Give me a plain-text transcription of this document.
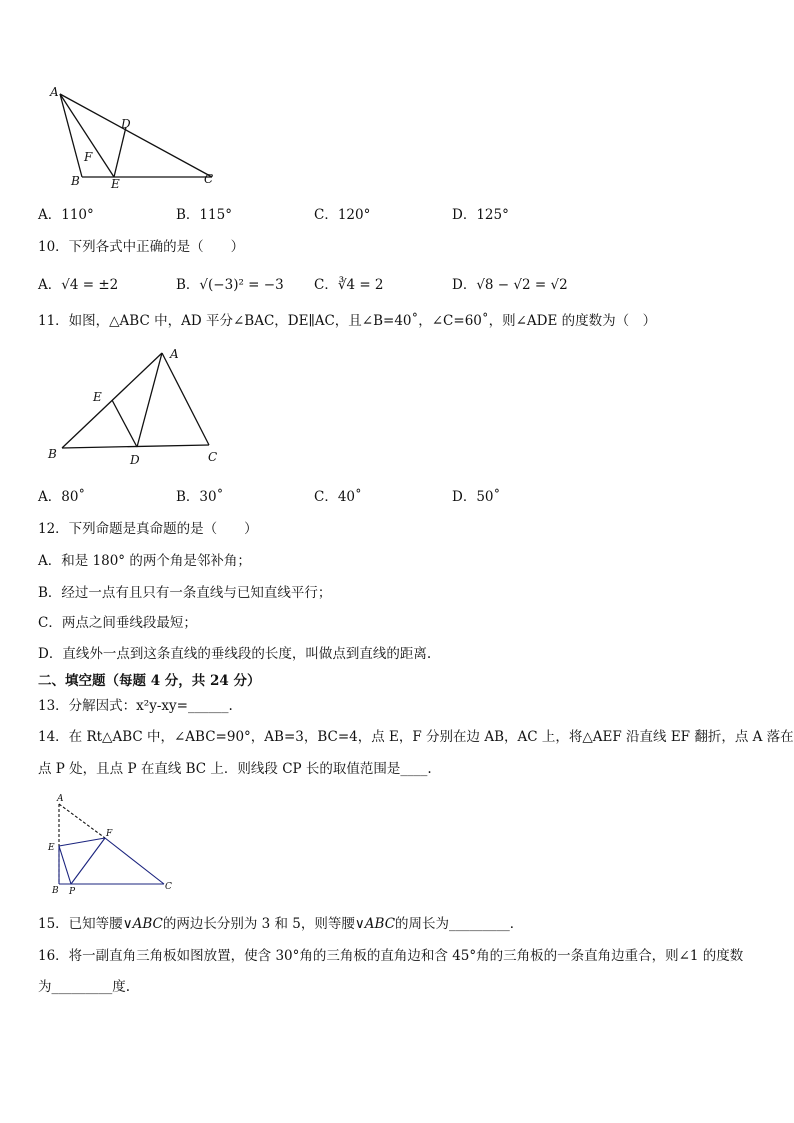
A
D
F
B	E	C
A．110°	B．115°	C．120°	D．125°
10．下列各式中正确的是（　　）
A．√4 = ±2	B．√(−3)² = −3 C．∛4 = 2	D．√8 − √2 = √2
11．如图，△ABC 中，AD 平分∠BAC，DE∥AC，且∠B=40˚，∠C=60˚，则∠ADE 的度数为（　）
A
E
B	D	C
A．80˚	B．30˚	C．40˚	D．50˚
12．下列命题是真命题的是（　　）
A．和是 180° 的两个角是邻补角；
B．经过一点有且只有一条直线与已知直线平行；
C．两点之间垂线段最短；
D．直线外一点到这条直线的垂线段的长度，叫做点到直线的距离.
二、填空题（每题 4 分，共 24 分）
13．分解因式：x²y-xy=______.
14．在 Rt△ABC 中，∠ABC=90°，AB=3，BC=4，点 E，F 分别在边 AB，AC 上，将△AEF 沿直线 EF 翻折，点 A 落在
点 P 处，且点 P 在直线 BC 上．则线段 CP 长的取值范围是____.
A
F
E
B P	C
15．已知等腰∨ABC的两边长分别为 3 和 5，则等腰∨ABC的周长为_________．
16．将一副直角三角板如图放置，使含 30°角的三角板的直角边和含 45°角的三角板的一条直角边重合，则∠1 的度数
为_________度.
